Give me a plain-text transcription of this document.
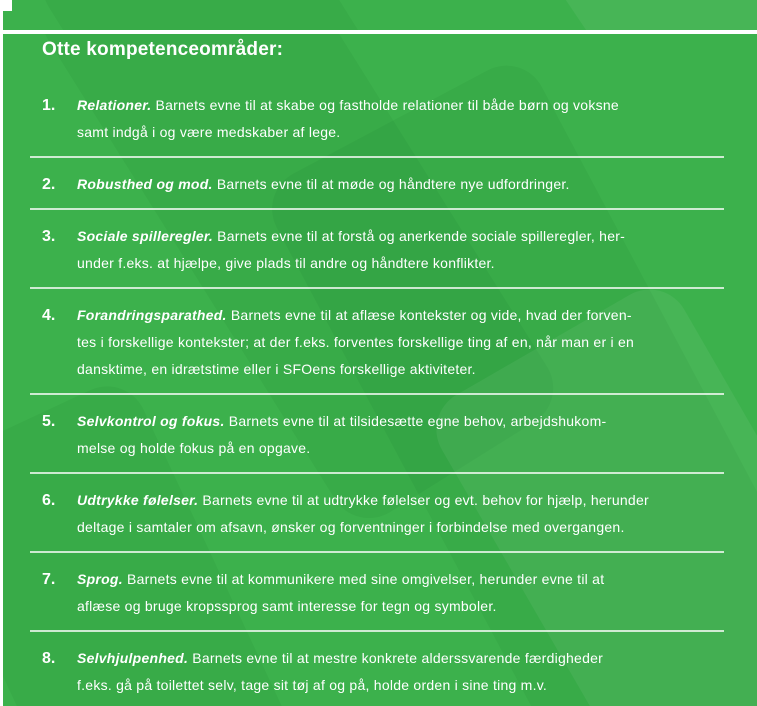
Otte kompetenceområder:
1.	Relationer. Barnets evne til at skabe og fastholde relationer til både børn og voksne
samt indgå i og være medskaber af lege.
2.	Robusthed og mod. Barnets evne til at møde og håndtere nye udfordringer.
3.	Sociale spilleregler. Barnets evne til at forstå og anerkende sociale spilleregler, her-
under f.eks. at hjælpe, give plads til andre og håndtere konflikter.
4.	Forandringsparathed. Barnets evne til at aflæse kontekster og vide, hvad der forven-
tes i forskellige kontekster; at der f.eks. forventes forskellige ting af en, når man er i en
dansktime, en idrætstime eller i SFOens forskellige aktiviteter.
5.	Selvkontrol og fokus. Barnets evne til at tilsidesætte egne behov, arbejdshukom-
melse og holde fokus på en opgave.
6.	Udtrykke følelser. Barnets evne til at udtrykke følelser og evt. behov for hjælp, herunder
deltage i samtaler om afsavn, ønsker og forventninger i forbindelse med overgangen.
7.	Sprog. Barnets evne til at kommunikere med sine omgivelser, herunder evne til at
aflæse og bruge kropssprog samt interesse for tegn og symboler.
8.	Selvhjulpenhed. Barnets evne til at mestre konkrete alderssvarende færdigheder
f.eks. gå på toilettet selv, tage sit tøj af og på, holde orden i sine ting m.v.
